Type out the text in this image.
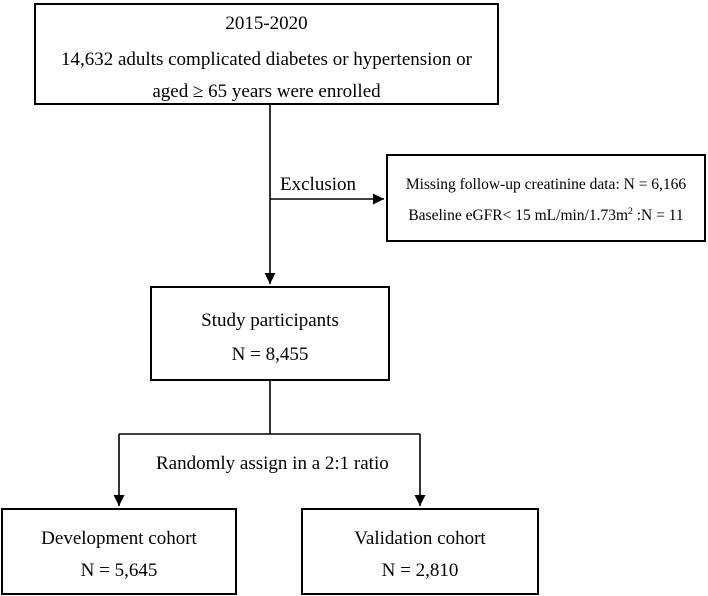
2015-2020
14,632 adults complicated diabetes or hypertension or
aged ≥ 65 years were enrolled
Exclusion	Missing follow-up creatinine data: N = 6,166
Baseline eGFR< 15 $mL/\min/1.73m^2$ :N = 11
Study participants
N = 8,455
Randomly assign in a 2:1 ratio
Development cohort
N = 5,645
Validation cohort
N = 2,810
